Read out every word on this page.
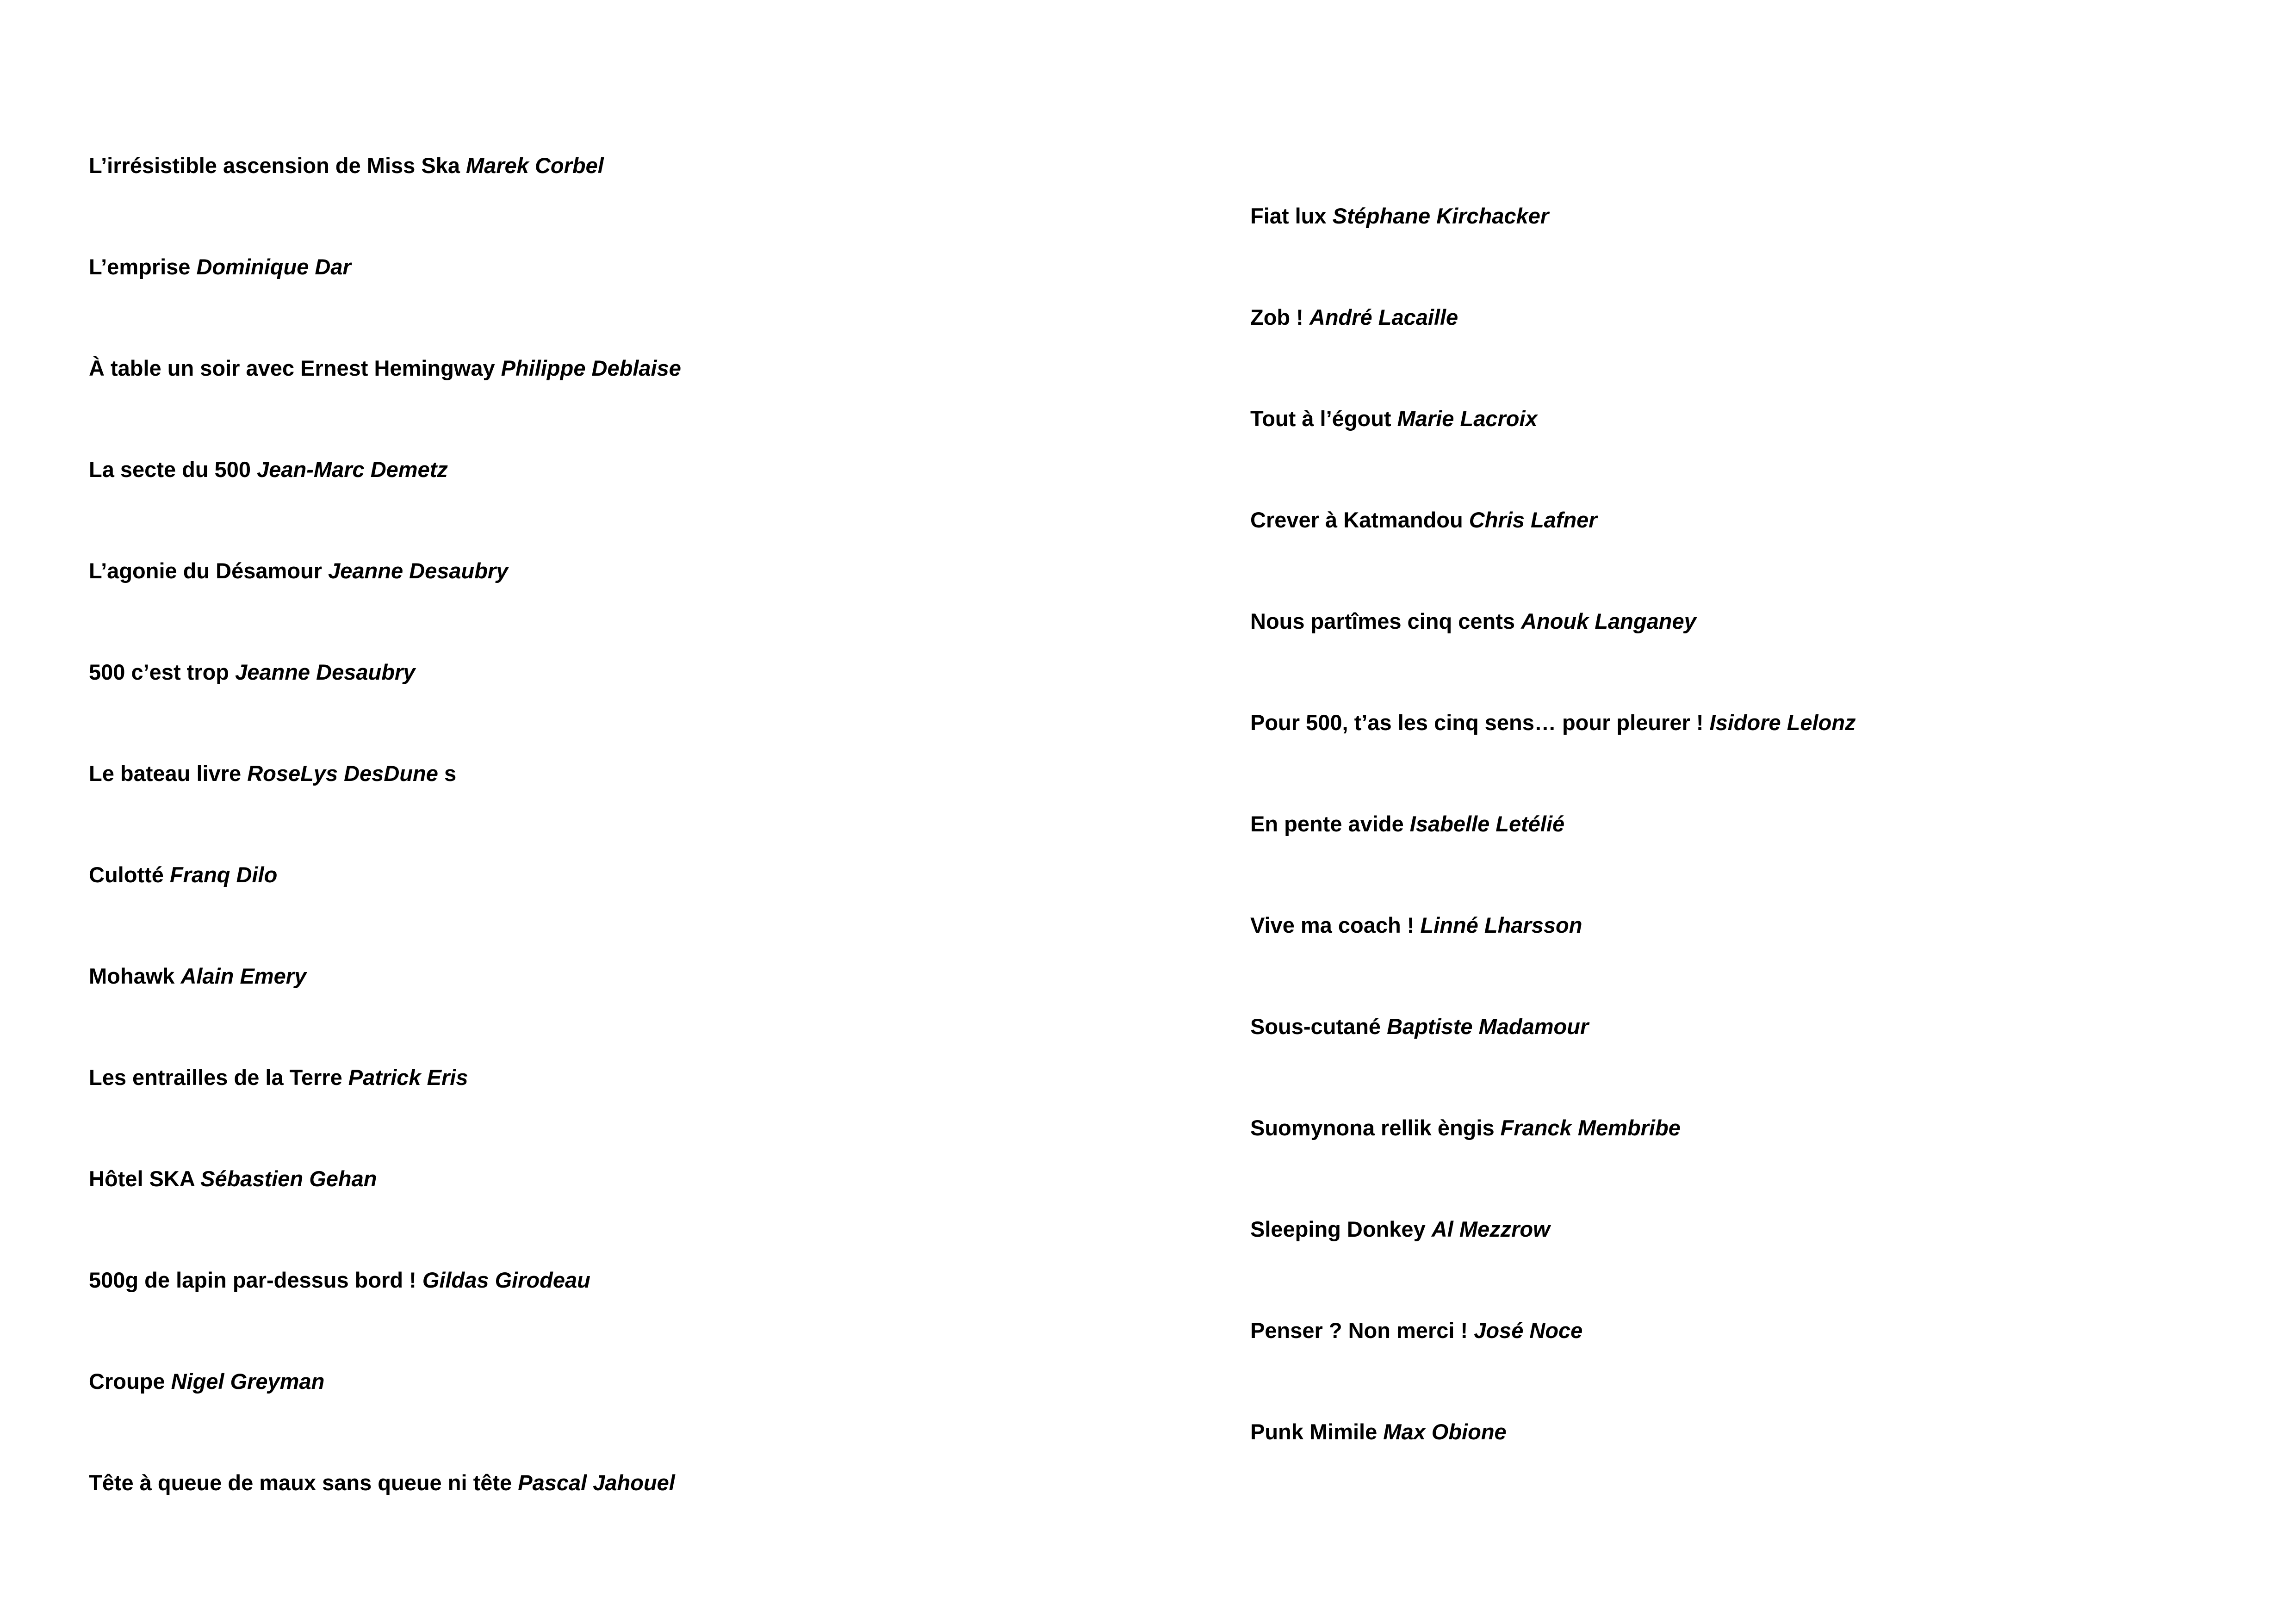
L’irrésistible ascension de Miss Ska Marek Corbel
L’emprise Dominique Dar
À table un soir avec Ernest Hemingway Philippe Deblaise
La secte du 500 Jean-Marc Demetz
L’agonie du Désamour Jeanne Desaubry
500 c’est trop Jeanne Desaubry
Le bateau livre RoseLys DesDune s
Culotté Franq Dilo
Mohawk Alain Emery
Les entrailles de la Terre Patrick Eris
Hôtel SKA Sébastien Gehan
500g de lapin par-dessus bord ! Gildas Girodeau
Croupe Nigel Greyman
Tête à queue de maux sans queue ni tête Pascal Jahouel
Fiat lux Stéphane Kirchacker
Zob ! André Lacaille
Tout à l’égout Marie Lacroix
Crever à Katmandou Chris Lafner
Nous partîmes cinq cents Anouk Langaney
Pour 500, t’as les cinq sens… pour pleurer ! Isidore Lelonz
En pente avide Isabelle Letélié
Vive ma coach ! Linné Lharsson
Sous-cutané Baptiste Madamour
Suomynona rellik èngis Franck Membribe
Sleeping Donkey Al Mezzrow
Penser ? Non merci ! José Noce
Punk Mimile Max Obione
